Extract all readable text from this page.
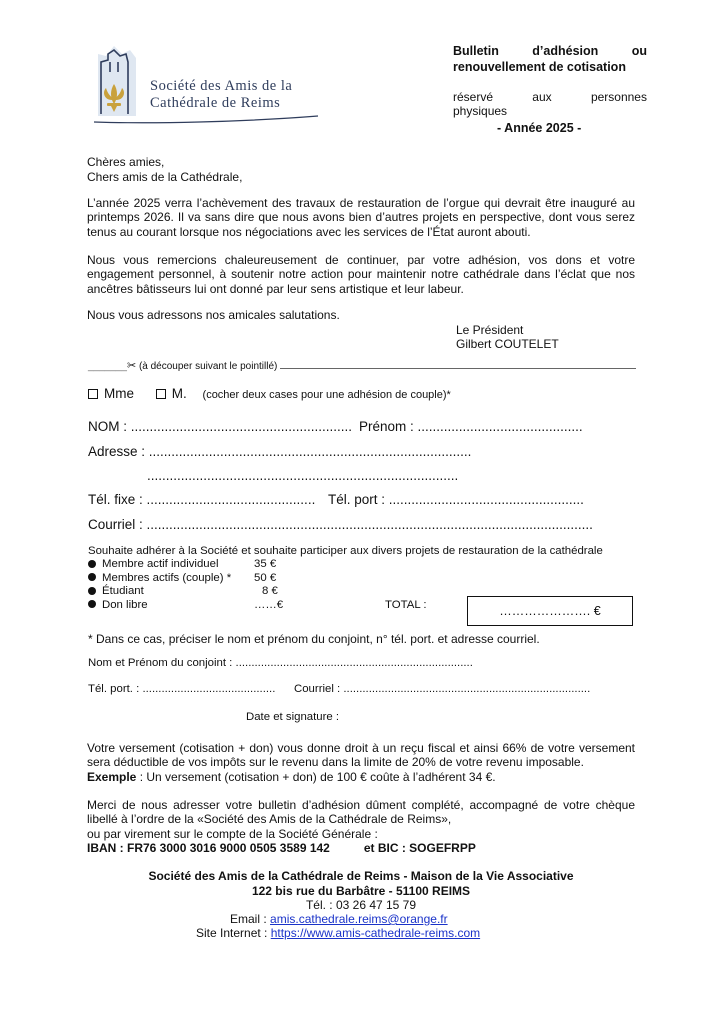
Société des Amis de la
Cathédrale de Reims
Bulletin	d’adhésion	ou
renouvellement de cotisation
réservé	aux	personnes
physiques
- Année 2025 -
Chères amies,
Chers amis de la Cathédrale,
L’année 2025 verra l’achèvement des travaux de restauration de l’orgue qui devrait être inauguré au printemps 2026. Il va sans dire que nous avons bien d’autres projets en perspective, dont vous serez tenus au courant lorsque nos négociations avec les services de l’État auront abouti.
Nous vous remercions chaleureusement de continuer, par votre adhésion, vos dons et votre engagement personnel, à soutenir notre action pour maintenir notre cathédrale dans l’éclat que nos ancêtres bâtisseurs lui ont donné par leur sens artistique et leur labeur.
Nous vous adressons nos amicales salutations.
Le Président
Gilbert COUTELET
_______✂ (à découper suivant le pointillé)
Mme	M. (cocher deux cases pour une adhésion de couple)*
NOM : ........................................................... Prénom : ............................................
Adresse : ......................................................................................
...................................................................................
Tél. fixe : ............................................. Tél. port : ....................................................
Courriel : .......................................................................................................................
Souhaite adhérer à la Société et souhaite participer aux divers projets de restauration de la cathédrale
Membre actif individuel	35 €
Membres actifs (couple) * 50 €
Étudiant	8 €
Don libre	……€	TOTAL :	…………………. €
* Dans ce cas, préciser le nom et prénom du conjoint, n° tél. port. et adresse courriel.
Nom et Prénom du conjoint : ...........................................................................
Tél. port. : .......................................... Courriel : ..............................................................................
Date et signature :
Votre versement (cotisation + don) vous donne droit à un reçu fiscal et ainsi 66% de votre versement sera déductible de vos impôts sur le revenu dans la limite de 20% de votre revenu imposable.
Exemple : Un versement (cotisation + don) de 100 € coûte à l’adhérent 34 €.
Merci de nous adresser votre bulletin d’adhésion dûment complété, accompagné de votre chèque libellé à l’ordre de la «Société des Amis de la Cathédrale de Reims»,
ou par virement sur le compte de la Société Générale :
IBAN : FR76 3000 3016 9000 0505 3589 142	et BIC : SOGEFRPP
Société des Amis de la Cathédrale de Reims - Maison de la Vie Associative
122 bis rue du Barbâtre - 51100 REIMS
Tél. : 03 26 47 15 79
Email : amis.cathedrale.reims@orange.fr
Site Internet : https://www.amis-cathedrale-reims.com
